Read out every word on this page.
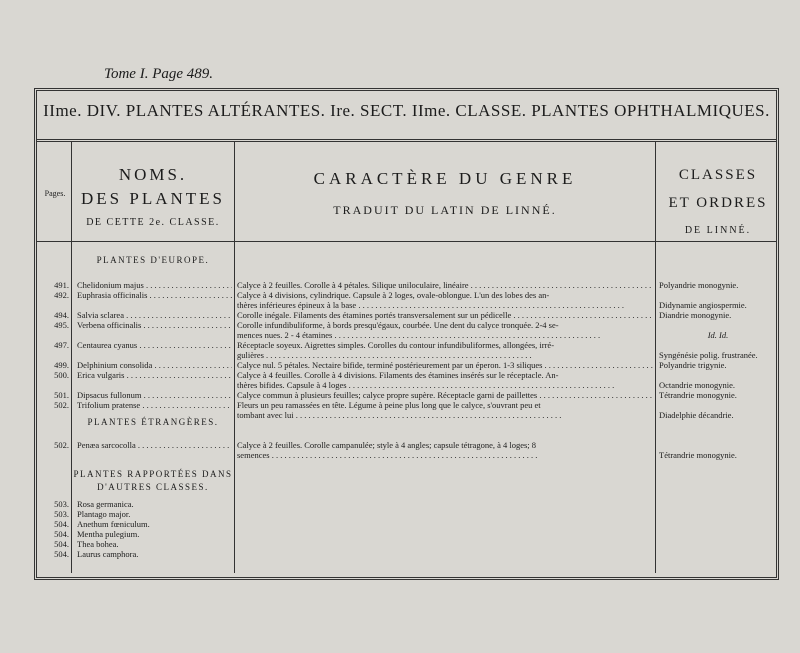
Tome I. Page 489.
IIme. DIV. PLANTES ALTÉRANTES. Ire. SECT. IIme. CLASSE. PLANTES OPHTHALMIQUES.
Pages.
NOMS.
DES PLANTES
DE CETTE 2e. CLASSE.
CARACTÈRE DU GENRE
TRADUIT DU LATIN DE LINNÉ.
CLASSES
ET ORDRES
DE LINNÉ.
PLANTES D'EUROPE.
PLANTES ÉTRANGÈRES.
PLANTES RAPPORTÉES DANS D'AUTRES CLASSES.
491. Chelidonium majus . . .	Calyce à 2 feuilles. Corolle à 4 pétales. Silique uniloculaire, linéaire . . .	Polyandrie monogynie.
492. Euphrasia officinalis . . .	Calyce à 4 divisions, cylindrique. Capsule à 2 loges, ovale-oblongue. L'un des lobes des an-
thères inférieures épineux à la base . . .	Didynamie angiospermie.
494. Salvia sclarea . . .	Corolle inégale. Filaments des étamines portés transversalement sur un pédicelle . . .	Diandrie monogynie.
495. Verbena officinalis . . .	Corolle infundibuliforme, à bords presqu'égaux, courbée. Une dent du calyce tronquée. 2-4 se-
mences nues. 2 - 4 étamines . . .	Id. Id.
497. Centaurea cyanus . . .	Réceptacle soyeux. Aigrettes simples. Corolles du contour infundibuliformes, allongées, irré-
gulières . . .	Syngénésie polig. frustranée.
499. Delphinium consolida . . .	Calyce nul. 5 pétales. Nectaire bifide, terminé postérieurement par un éperon. 1-3 siliques . . .	Polyandrie trigynie.
500. Erica vulgaris . . .	Calyce à 4 feuilles. Corolle à 4 divisions. Filaments des étamines insérés sur le réceptacle. An-
thères bifides. Capsule à 4 loges . . .	Octandrie monogynie.
501. Dipsacus fullonum . . .	Calyce commun à plusieurs feuilles; calyce propre supère. Réceptacle garni de paillettes . . .	Tétrandrie monogynie.
502. Trifolium pratense . . .	Fleurs un peu ramassées en tête. Légume à peine plus long que le calyce, s'ouvrant peu et
tombant avec lui . . .	Diadelphie décandrie.
502. Penæa sarcocolla . . .	Calyce à 2 feuilles. Corolle campanulée; style à 4 angles; capsule tétragone, à 4 loges; 8
semences . . .	Tétrandrie monogynie.
503. Rosa germanica.
503. Plantago major.
504. Anethum fœniculum.
504. Mentha pulegium.
504. Thea bohea.
504. Laurus camphora.
